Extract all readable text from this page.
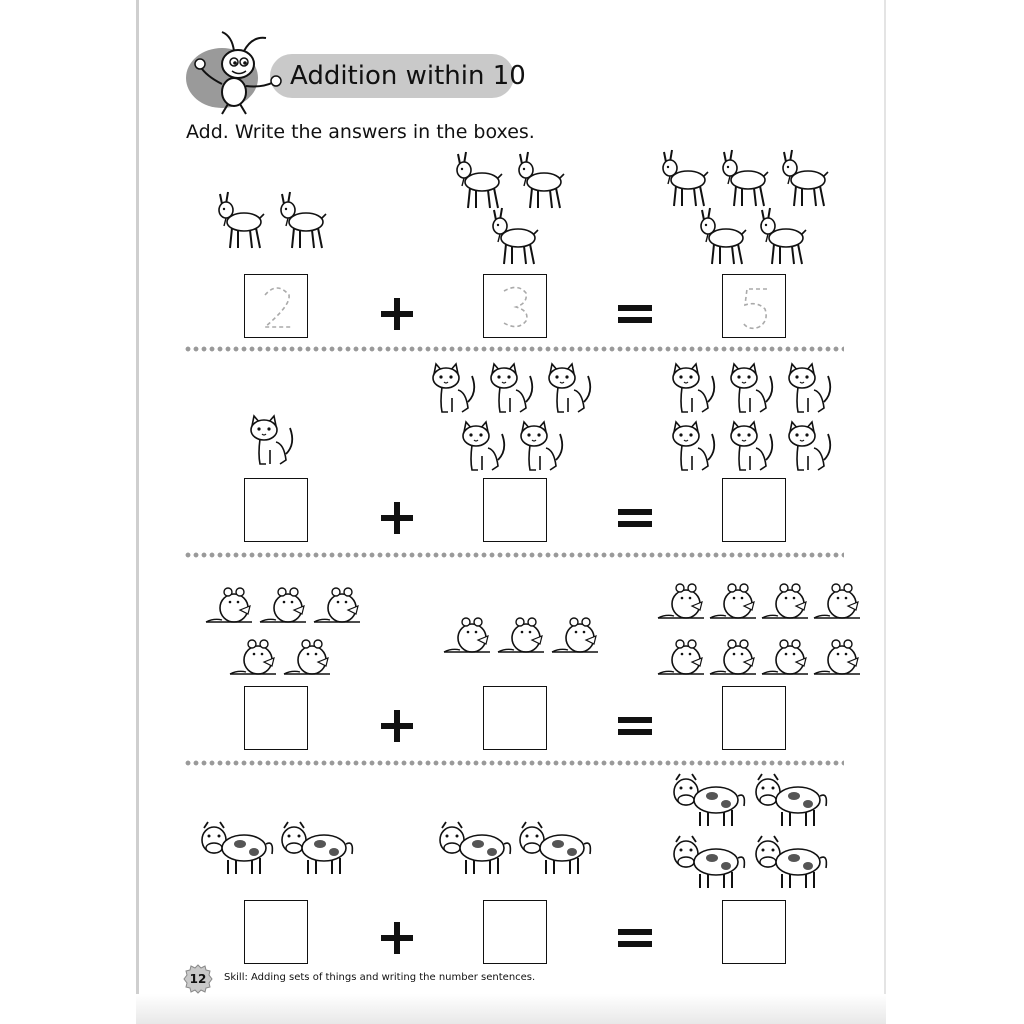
Addition within 10
Add. Write the answers in the boxes.
12	Skill: Adding sets of things and writing the number sentences.
